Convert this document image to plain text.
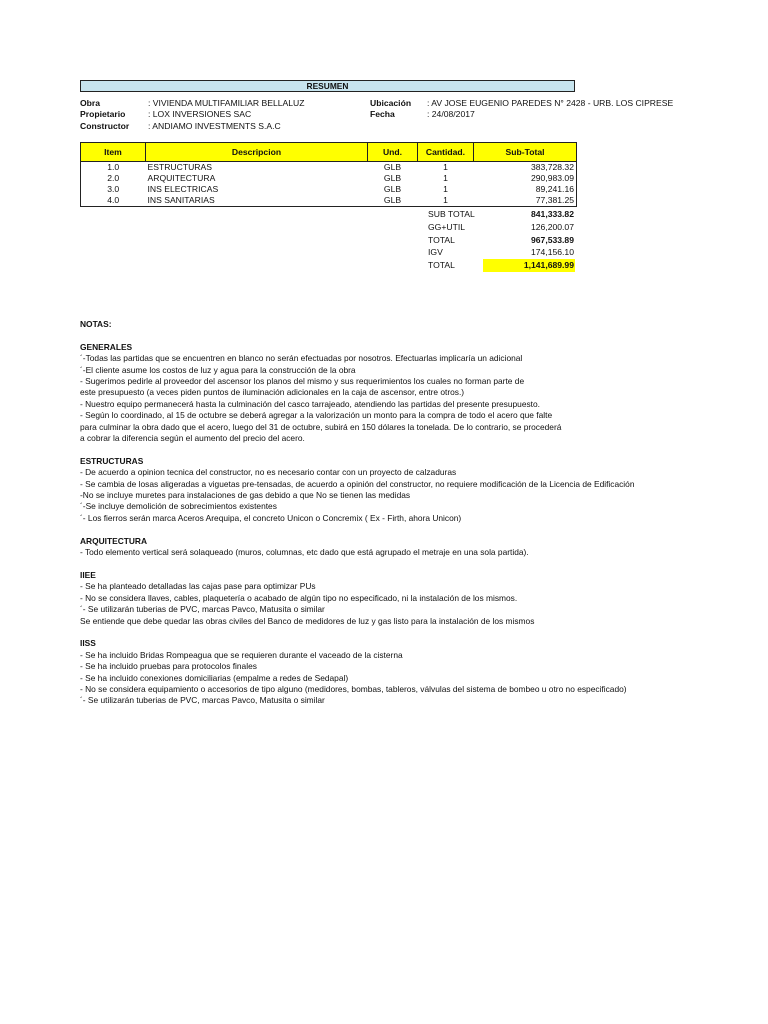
RESUMEN
Obra	: VIVIENDA MULTIFAMILIAR BELLALUZ
Propietario	: LOX INVERSIONES SAC
Constructor : ANDIAMO INVESTMENTS S.A.C
Ubicación : AV JOSE EUGENIO PAREDES N° 2428 - URB. LOS CIPRESE
Fecha	: 24/08/2017
Item	Descripcion	Und.	Cantidad.	Sub-Total
1.0	ESTRUCTURAS	GLB	1	383,728.32
2.0	ARQUITECTURA	GLB	1	290,983.09
3.0	INS ELECTRICAS	GLB	1	89,241.16
4.0	INS SANITARIAS	GLB	1	77,381.25
SUB TOTAL	841,333.82
GG+UTIL	126,200.07
TOTAL	967,533.89
IGV	174,156.10
TOTAL	1,141,689.99
NOTAS:
GENERALES
´-Todas las partidas que se encuentren en blanco no serán efectuadas por nosotros. Efectuarlas implicaría un adicional
´-El cliente asume los costos de luz y agua para la construcción de la obra
- Sugerimos pedirle al proveedor del ascensor los planos del mismo y sus requerimientos los cuales no forman parte de
este presupuesto (a veces piden puntos de iluminación adicionales en la caja de ascensor, entre otros.)
- Nuestro equipo permanecerá hasta la culminación del casco tarrajeado, atendiendo las partidas del presente presupuesto.
- Según lo coordinado, al 15 de octubre se deberá agregar a la valorización un monto para la compra de todo el acero que falte
para culminar la obra dado que el acero, luego del 31 de octubre, subirá en 150 dólares la tonelada. De lo contrario, se procederá
a cobrar la diferencia según el aumento del precio del acero.
ESTRUCTURAS
- De acuerdo a opinion tecnica del constructor, no es necesario contar con un proyecto de calzaduras
- Se cambia de losas aligeradas a viguetas pre-tensadas, de acuerdo a opinión del constructor, no requiere modificación de la Licencia de Edificación
-No se incluye muretes para instalaciones de gas debido a que No se tienen las medidas
´-Se incluye demolición de sobrecimientos existentes
´- Los fierros serán marca Aceros Arequipa, el concreto Unicon o Concremix ( Ex - Firth, ahora Unicon)
ARQUITECTURA
- Todo elemento vertical será solaqueado (muros, columnas, etc dado que está agrupado el metraje en una sola partida).
IIEE
- Se ha planteado detalladas las cajas pase para optimizar PUs
- No se considera llaves, cables, plaquetería o acabado de algún tipo no especificado, ni la instalación de los mismos.
´- Se utilizarán tuberias de PVC, marcas Pavco, Matusita o similar
Se entiende que debe quedar las obras civiles del Banco de medidores de luz y gas listo para la instalación de los mismos
IISS
- Se ha incluido Bridas Rompeagua que se requieren durante el vaceado de la cisterna
- Se ha incluido pruebas para protocolos finales
- Se ha incluido conexiones domiciliarias (empalme a redes de Sedapal)
- No se considera equipamiento o accesorios de tipo alguno (medidores, bombas, tableros, válvulas del sistema de bombeo u otro no especificado)
´- Se utilizarán tuberias de PVC, marcas Pavco, Matusita o similar
